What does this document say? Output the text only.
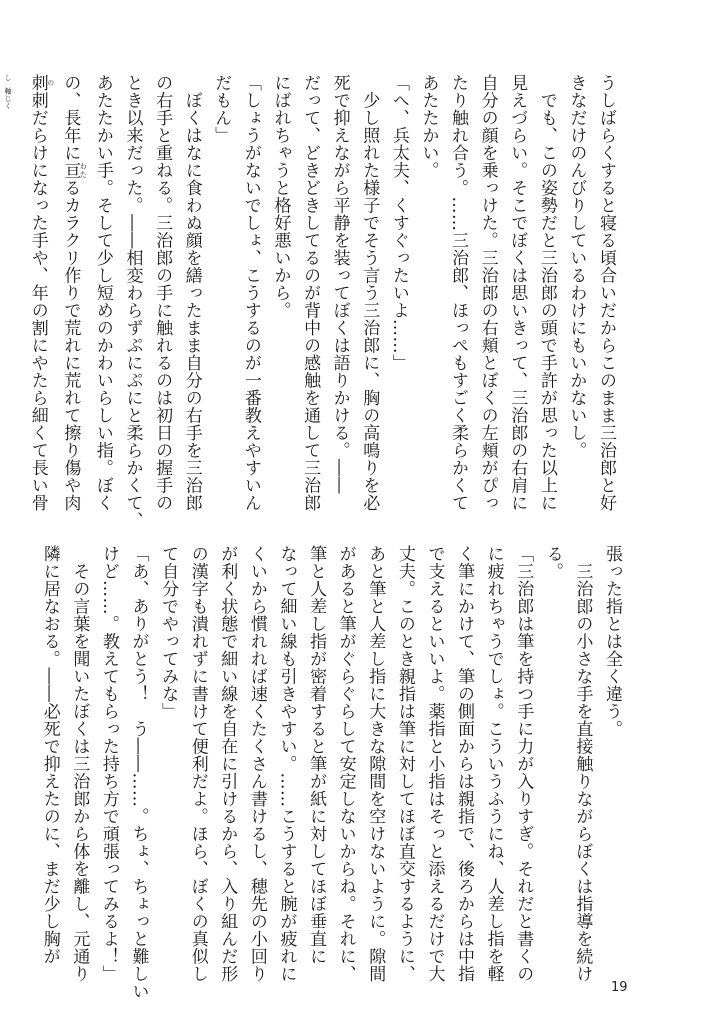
うしばらくすると寝る頃合いだからこのまま三治郎と好
きなだけのんびりしているわけにもいかないし。
　でも、この姿勢だと三治郎の頭で手許が思った以上に
見えづらい。そこでぼくは思いきって、三治郎の右肩に
自分の顔を乗っけた。三治郎の右頬とぼくの左頬がぴっ
たり触れ合う。……三治郎、ほっぺもすごく柔らかくて
あたたかい。
「へ、兵太夫、くすぐったいよ……」
　少し照れた様子でそう言う三治郎に、胸の高鳴りを必
死で抑えながら平静を装ってぼくは語りかける。――
だって、どきどきしてるのが背中の感触を通して三治郎
にばれちゃうと格好悪いから。
「しょうがないでしょ、こうするのが一番教えやすいん
だもん」
　ぼくはなに食わぬ顔を繕ったまま自分の右手を三治郎
の右手と重ねる。三治郎の手に触れるのは初日の握手の
とき以来だった。――相変わらずぷにぷにと柔らかくて、
あたたかい手。そして少し短めのかわいらしい指。ぼく
の、長年に亘 わたるカラクリ作りで荒れに荒れて擦り傷や肉
刺 の刺だらけになった手や、年の割にやたら細くて長い骨
し 軸じく
張った指とは全く違う。
　三治郎の小さな手を直接触りながらぼくは指導を続け
る。
「三治郎は筆を持つ手に力が入りすぎ。それだと書くの
に疲れちゃうでしょ。こういうふうにね、人差し指を軽
く筆にかけて、筆の側面からは親指で、後ろからは中指
で支えるといいよ。薬指と小指はそっと添えるだけで大
丈夫。このとき親指は筆に対してほぼ直交するように、
あと筆と人差し指に大きな隙間を空けないように。隙間
があると筆がぐらぐらして安定しないからね。それに、
筆と人差し指が密着すると筆が紙に対してほぼ垂直に
なって細い線も引きやすい。……こうすると腕が疲れに
くいから慣れれば速くたくさん書けるし、穂先の小回り
が利く状態で細い線を自在に引けるから、入り組んだ形
の漢字も潰れずに書けて便利だよ。ほら、ぼくの真似し
て自分でやってみな」
「あ、ありがとう！　う――……。ちょ、ちょっと難しい
けど……。教えてもらった持ち方で頑張ってみるよ！」
　その言葉を聞いたぼくは三治郎から体を離し、元通り
隣に居なおる。――必死で抑えたのに、まだ少し胸が
19
